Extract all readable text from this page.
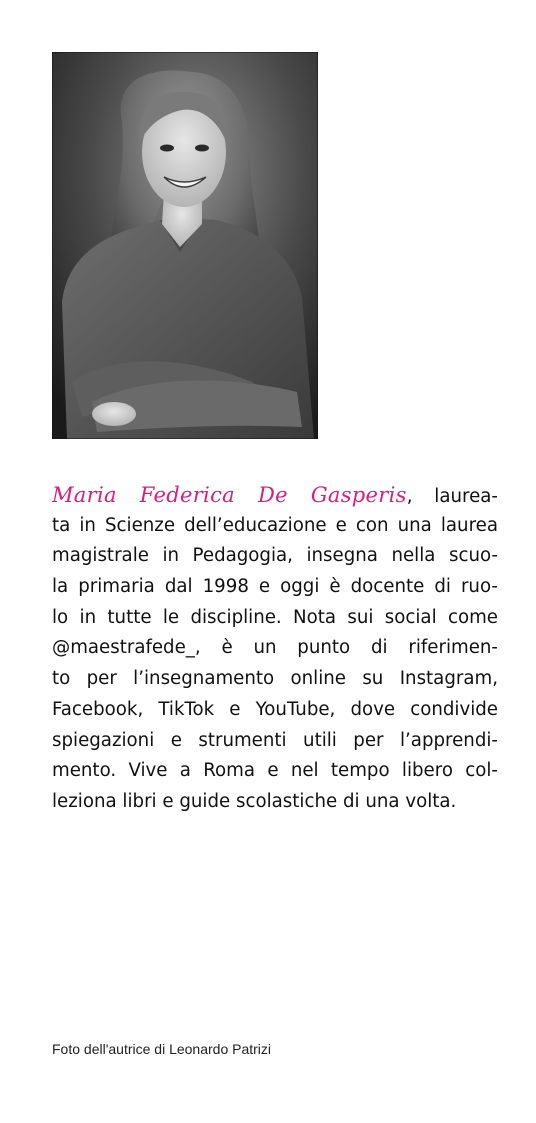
Maria Federica De Gasperis, laurea-
ta in Scienze dell’educazione e con una laurea
magistrale in Pedagogia, insegna nella scuo-
la primaria dal 1998 e oggi è docente di ruo-
lo in tutte le discipline. Nota sui social come
@maestrafede_, è un punto di riferimen-
to per l’insegnamento online su Instagram,
Facebook, TikTok e YouTube, dove condivide
spiegazioni e strumenti utili per l’apprendi-
mento. Vive a Roma e nel tempo libero col-
leziona libri e guide scolastiche di una volta.
Foto dell'autrice di Leonardo Patrizi
